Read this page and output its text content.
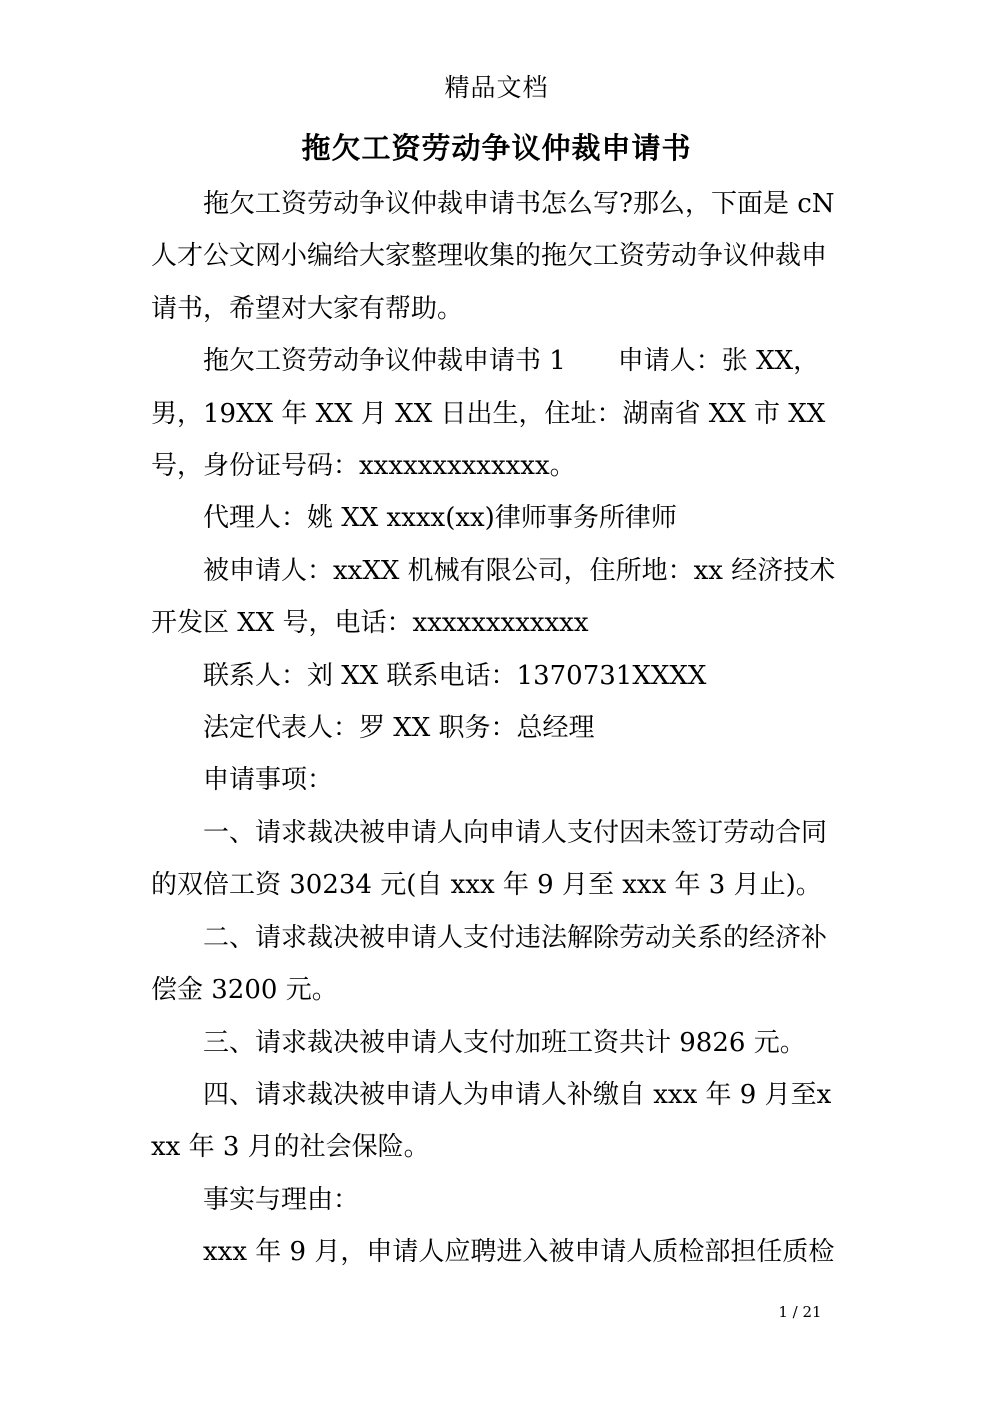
精品文档
拖欠工资劳动争议仲裁申请书

拖欠工资劳动争议仲裁申请书怎么写?那么，下面是 cN人才公文网小编给大家整理收集的拖欠工资劳动争议仲裁申请书，希望对大家有帮助。

拖欠工资劳动争议仲裁申请书 1　　申请人：张 XX，男，19XX 年 XX 月 XX 日出生，住址：湖南省 XX 市 XX 号，身份证号码：xxxxxxxxxxxxx。

代理人：姚 XX xxxx(xx)律师事务所律师

被申请人：xxXX 机械有限公司，住所地：xx 经济技术开发区 XX 号，电话：xxxxxxxxxxxx

联系人：刘 XX 联系电话：1370731XXXX

法定代表人：罗 XX 职务：总经理

申请事项：

一、请求裁决被申请人向申请人支付因未签订劳动合同的双倍工资 30234 元(自 xxx 年 9 月至 xxx 年 3 月止)。

二、请求裁决被申请人支付违法解除劳动关系的经济补偿金 3200 元。

三、请求裁决被申请人支付加班工资共计 9826 元。

四、请求裁决被申请人为申请人补缴自 xxx 年 9 月至xxx 年 3 月的社会保险。

事实与理由：

xxx 年 9 月，申请人应聘进入被申请人质检部担任质检

1 / 21
